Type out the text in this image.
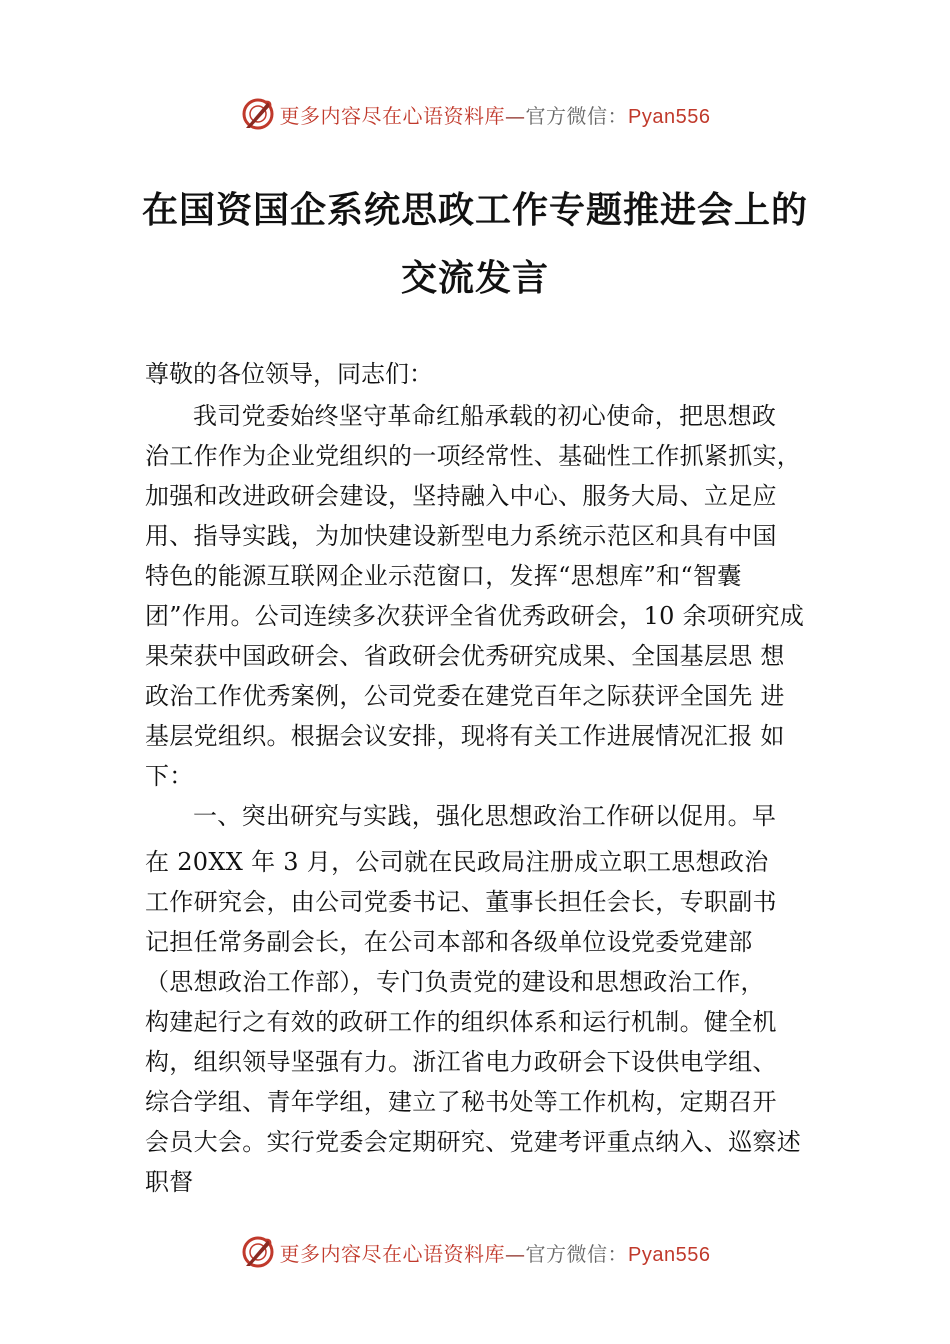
更多内容尽在心语资料库—官方微信：Pyan556
在国资国企系统思政工作专题推进会上的
交流发言
尊敬的各位领导，同志们：
我司党委始终坚守革命红船承载的初心使命，把思想政
治工作作为企业党组织的一项经常性、基础性工作抓紧抓实，
加强和改进政研会建设，坚持融入中心、服务大局、立足应
用、指导实践，为加快建设新型电力系统示范区和具有中国
特色的能源互联网企业示范窗口，发挥“思想库”和“智囊
团”作用。公司连续多次获评全省优秀政研会，10 余项研究成
果荣获中国政研会、省政研会优秀研究成果、全国基层思 想
政治工作优秀案例，公司党委在建党百年之际获评全国先 进
基层党组织。根据会议安排，现将有关工作进展情况汇报 如
下：
一、突出研究与实践，强化思想政治工作研以促用。早
在 20XX 年 3 月，公司就在民政局注册成立职工思想政治
工作研究会，由公司党委书记、董事长担任会长，专职副书
记担任常务副会长，在公司本部和各级单位设党委党建部
（思想政治工作部），专门负责党的建设和思想政治工作，
构建起行之有效的政研工作的组织体系和运行机制。健全机
构，组织领导坚强有力。浙江省电力政研会下设供电学组、
综合学组、青年学组，建立了秘书处等工作机构，定期召开
会员大会。实行党委会定期研究、党建考评重点纳入、巡察述
职督
更多内容尽在心语资料库—官方微信：Pyan556
